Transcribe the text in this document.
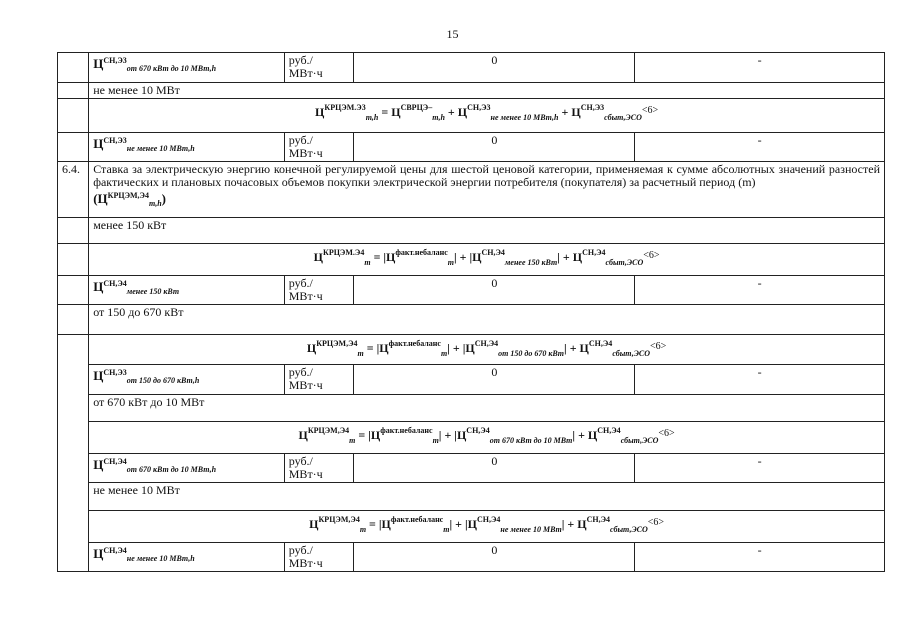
15
	$Ц^{СН,Э3}_{от 670 кВт до 10 МВт,h}$	руб./ МВт·ч	0	-
	не менее 10 МВт			
	$Ц^{КРЦЭМ.Э3}_{m,h} = Ц^{СВРЦЭ-}_{m,h} + Ц^{СН,Э3}_{не менее 10 МВт,h} + Ц^{СН,Э3}_{сбыт,ЭСО}^{<6>}$
	$Ц^{СН,Э3}_{не менее 10 МВт,h}$	руб./ МВт·ч	0	-
6.4.	Ставка за электрическую энергию конечной регулируемой цены для шестой ценовой категории, применяемая к сумме абсолютных значений разностей фактических и плановых почасовых объемов покупки электрической энергии потребителя (покупателя) за расчетный период (m)
$(Ц^{КРЦЭМ,Э4}_{m,h})$			
	менее 150 кВт			
	$Ц^{КРЦЭМ.Э4}_m = |Ц^{факт.небаланс}_m| + |Ц^{СН,Э4}_{менее 150 кВт}| + Ц^{СН,Э4}_{сбыт,ЭСО}^{<6>}$
	$Ц^{СН,Э4}_{менее 150 кВт}$	руб./ МВт·ч	0	-
	от 150 до 670 кВт			
	$Ц^{КРЦЭМ,Э4}_m = |Ц^{факт.небаланс}_m| + |Ц^{СН,Э4}_{от 150 до 670 кВт}| + Ц^{СН,Э4}_{сбыт,ЭСО}^{<6>}$
	$Ц^{СН,Э3}_{от 150 до 670 кВт,h}$	руб./ МВт·ч	0	-
	от 670 кВт до 10 МВт			
	$Ц^{КРЦЭМ,Э4}_m = |Ц^{факт.небаланс}_m| + |Ц^{СН,Э4}_{от 670 кВт до 10 МВт}| + Ц^{СН,Э4}_{сбыт,ЭСО}^{<6>}$
	$Ц^{СН,Э4}_{от 670 кВт до 10 МВт,h}$	руб./ МВт·ч	0	-
	не менее 10 МВт			
	$Ц^{КРЦЭМ,Э4}_m = |Ц^{факт.небаланс}_m| + |Ц^{СН,Э4}_{не менее 10 МВт}| + Ц^{СН,Э4}_{сбыт,ЭСО}^{<6>}$
	$Ц^{СН,Э4}_{не менее 10 МВт,h}$	руб./ МВт·ч	0	-
